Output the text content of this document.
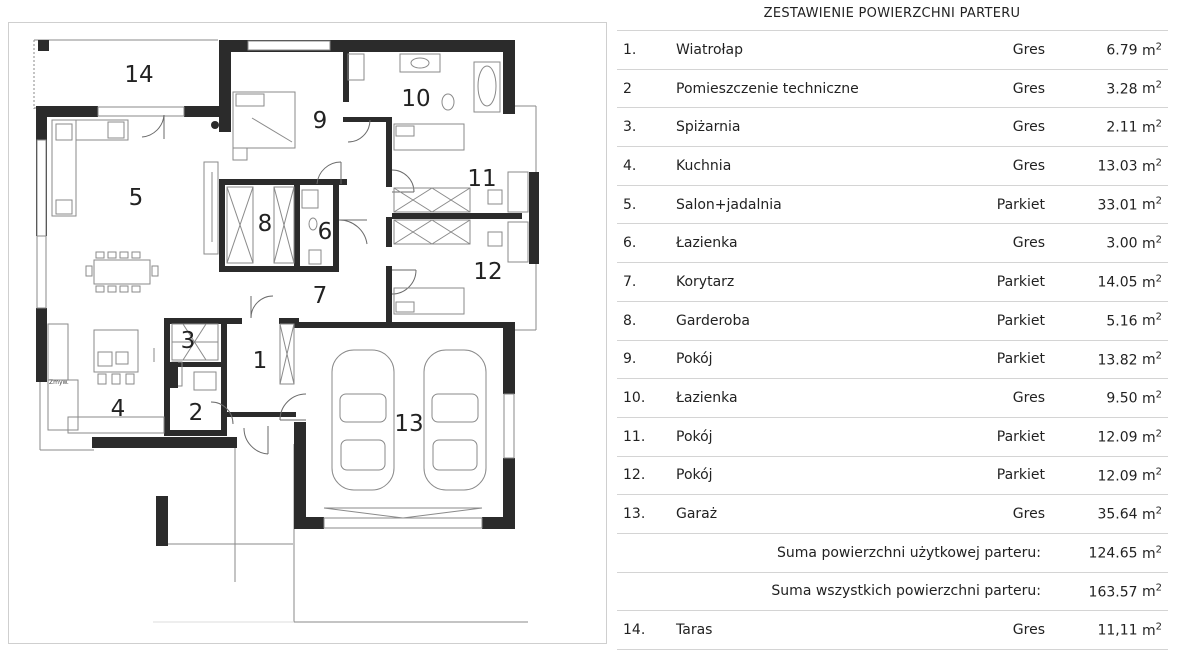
Zmyw.
1
2
3
4
5
6
7
8
9
10
11
12
13
14
ZESTAWIENIE POWIERZCHNI PARTERU
1.	Wiatrołap	Gres	6.79 $m^2$
2	Pomieszczenie techniczne	Gres	3.28 $m^2$
3.	Spiżarnia	Gres	2.11 $m^2$
4.	Kuchnia	Gres	13.03 $m^2$
5.	Salon+jadalnia	Parkiet	33.01 $m^2$
6.	Łazienka	Gres	3.00 $m^2$
7.	Korytarz	Parkiet	14.05 $m^2$
8.	Garderoba	Parkiet	5.16 $m^2$
9.	Pokój	Parkiet	13.82 $m^2$
10.	Łazienka	Gres	9.50 $m^2$
11.	Pokój	Parkiet	12.09 $m^2$
12.	Pokój	Parkiet	12.09 $m^2$
13.	Garaż	Gres	35.64 $m^2$
Suma powierzchni użytkowej parteru:			124.65 $m^2$
Suma wszystkich powierzchni parteru:			163.57 $m^2$
14.	Taras	Gres	11,11 $m^2$
